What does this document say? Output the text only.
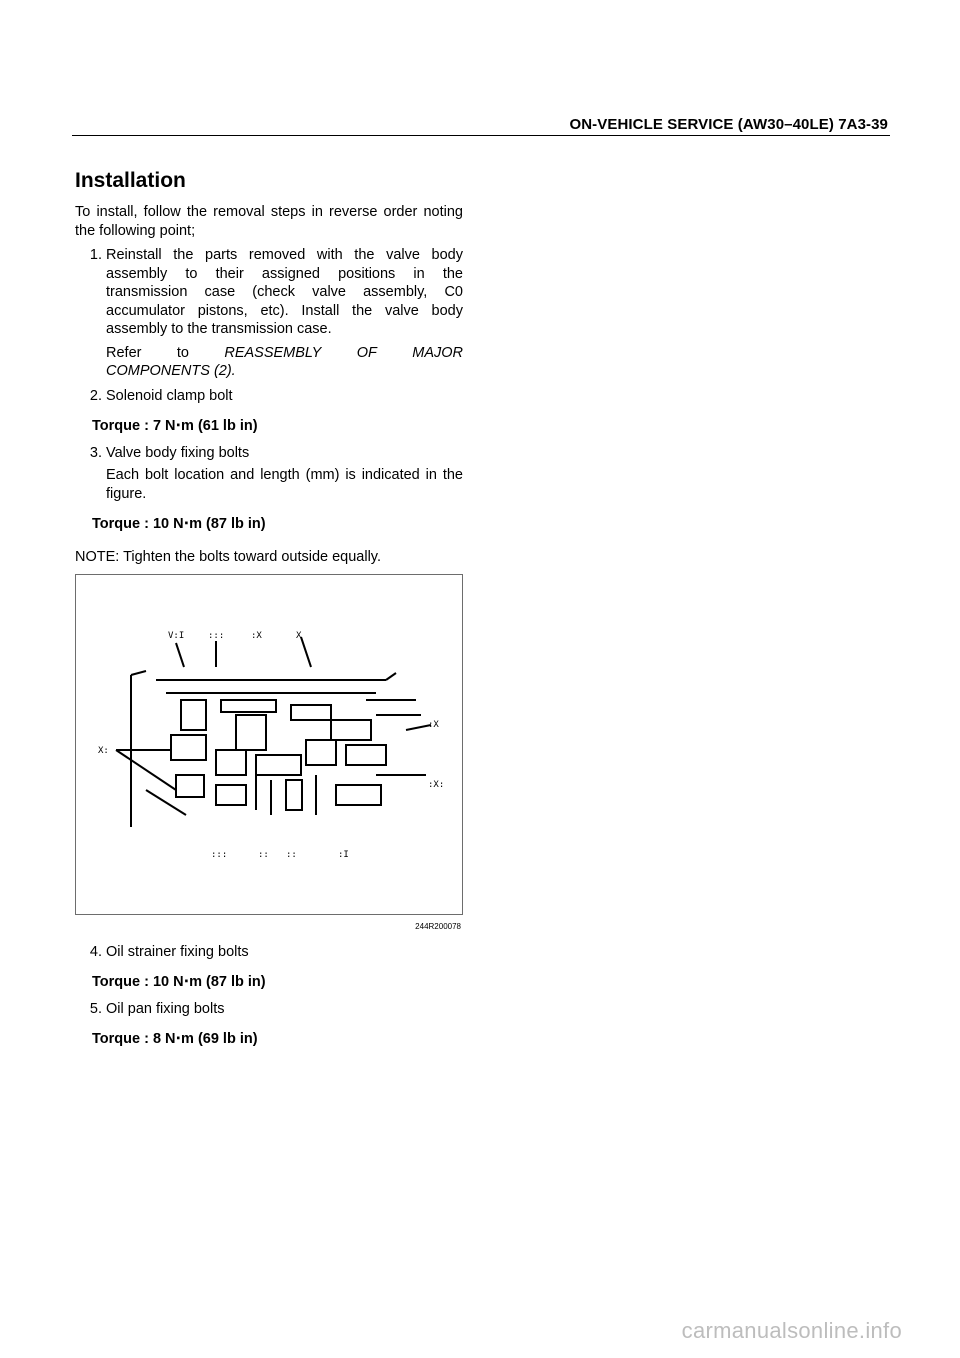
ON-VEHICLE SERVICE (AW30–40LE) 7A3-39
Installation

To install, follow the removal steps in reverse order noting the following point;

1. Reinstall the parts removed with the valve body assembly to their assigned positions in the transmission case (check valve assembly, C0 accumulator pistons, etc). Install the valve body assembly to the transmission case.
Refer to REASSEMBLY OF MAJOR
COMPONENTS (2).
2. Solenoid clamp bolt
Torque : 7 N⋅m (61 lb in)
3. Valve body fixing bolts
Each bolt location and length (mm) is indicated in the figure.
Torque : 10 N⋅m (87 lb in)
NOTE: Tighten the bolts toward outside equally.
V:I	:::	:X	X
X:
:X
:X:
:::	:: ::	:I
244R200078
4. Oil strainer fixing bolts
Torque : 10 N⋅m (87 lb in)
5. Oil pan fixing bolts
Torque : 8 N⋅m (69 lb in)
carmanualsonline.info
